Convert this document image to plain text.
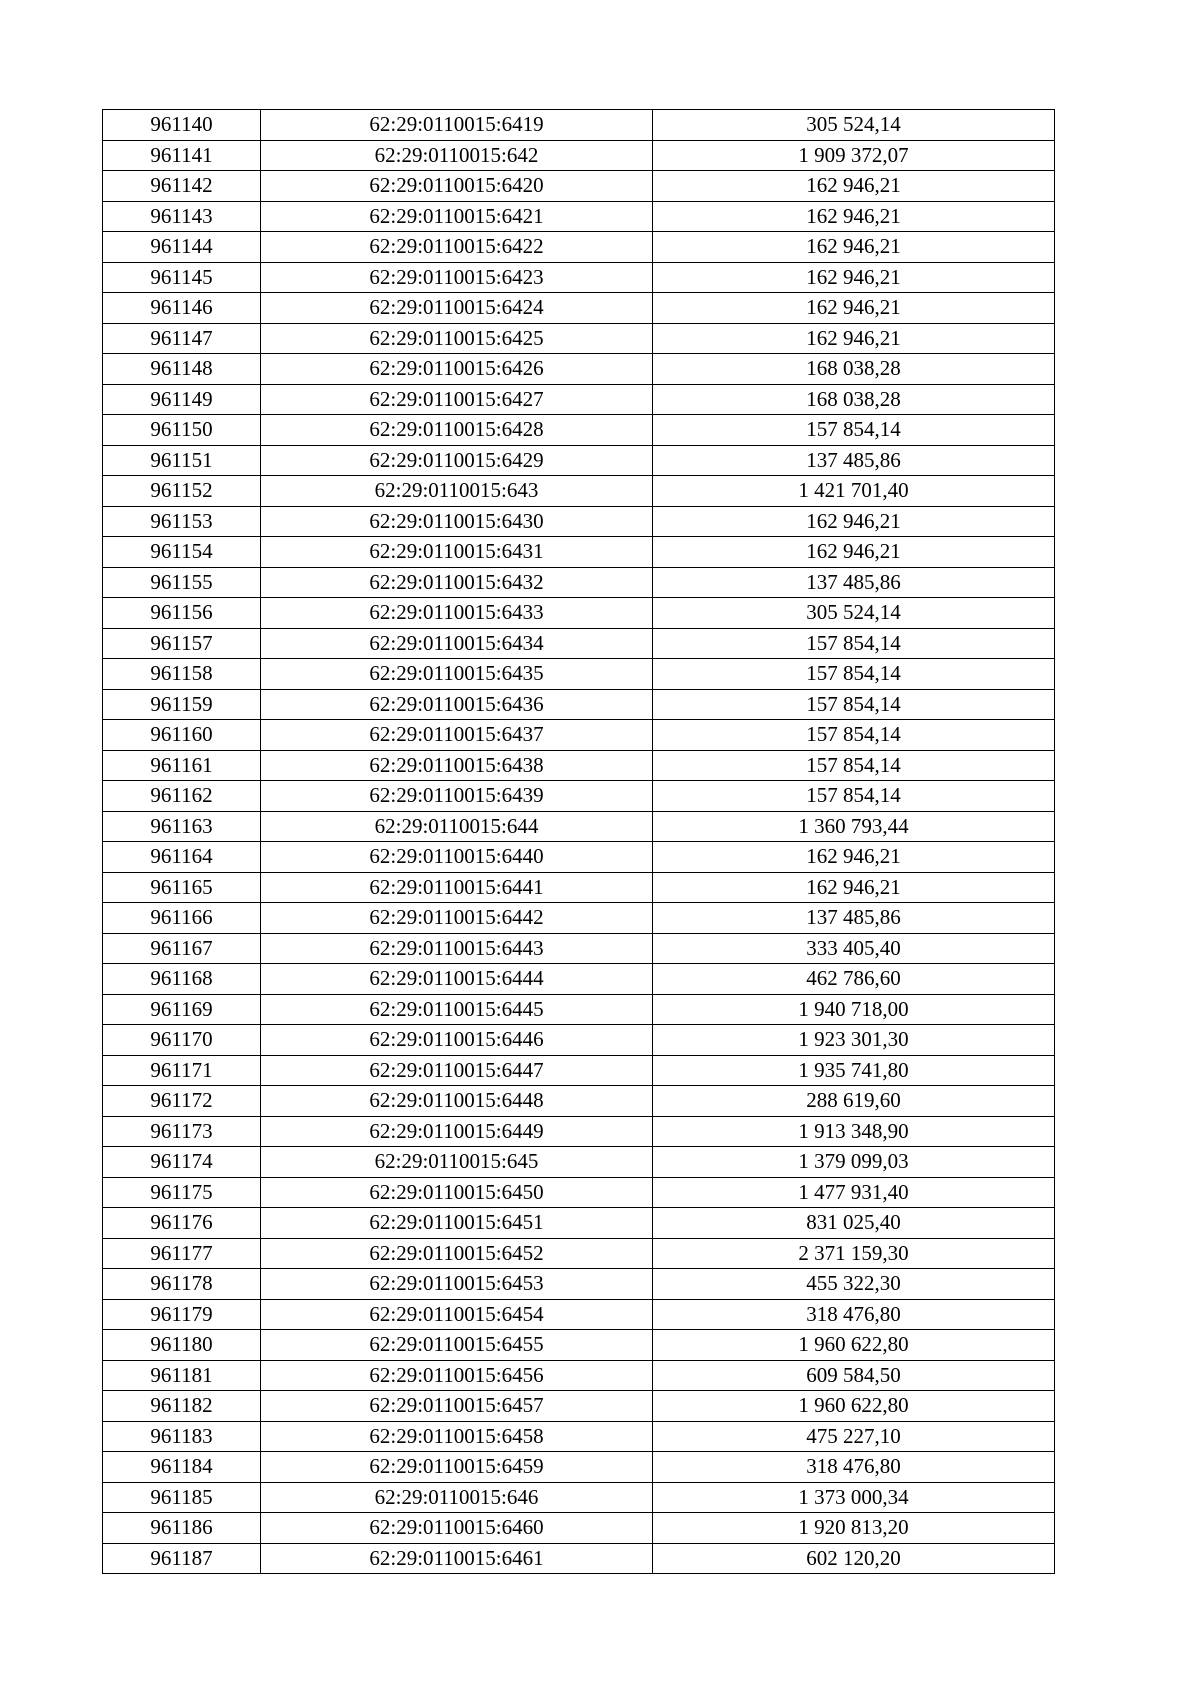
961140	62:29:0110015:6419	305 524,14
961141	62:29:0110015:642	1 909 372,07
961142	62:29:0110015:6420	162 946,21
961143	62:29:0110015:6421	162 946,21
961144	62:29:0110015:6422	162 946,21
961145	62:29:0110015:6423	162 946,21
961146	62:29:0110015:6424	162 946,21
961147	62:29:0110015:6425	162 946,21
961148	62:29:0110015:6426	168 038,28
961149	62:29:0110015:6427	168 038,28
961150	62:29:0110015:6428	157 854,14
961151	62:29:0110015:6429	137 485,86
961152	62:29:0110015:643	1 421 701,40
961153	62:29:0110015:6430	162 946,21
961154	62:29:0110015:6431	162 946,21
961155	62:29:0110015:6432	137 485,86
961156	62:29:0110015:6433	305 524,14
961157	62:29:0110015:6434	157 854,14
961158	62:29:0110015:6435	157 854,14
961159	62:29:0110015:6436	157 854,14
961160	62:29:0110015:6437	157 854,14
961161	62:29:0110015:6438	157 854,14
961162	62:29:0110015:6439	157 854,14
961163	62:29:0110015:644	1 360 793,44
961164	62:29:0110015:6440	162 946,21
961165	62:29:0110015:6441	162 946,21
961166	62:29:0110015:6442	137 485,86
961167	62:29:0110015:6443	333 405,40
961168	62:29:0110015:6444	462 786,60
961169	62:29:0110015:6445	1 940 718,00
961170	62:29:0110015:6446	1 923 301,30
961171	62:29:0110015:6447	1 935 741,80
961172	62:29:0110015:6448	288 619,60
961173	62:29:0110015:6449	1 913 348,90
961174	62:29:0110015:645	1 379 099,03
961175	62:29:0110015:6450	1 477 931,40
961176	62:29:0110015:6451	831 025,40
961177	62:29:0110015:6452	2 371 159,30
961178	62:29:0110015:6453	455 322,30
961179	62:29:0110015:6454	318 476,80
961180	62:29:0110015:6455	1 960 622,80
961181	62:29:0110015:6456	609 584,50
961182	62:29:0110015:6457	1 960 622,80
961183	62:29:0110015:6458	475 227,10
961184	62:29:0110015:6459	318 476,80
961185	62:29:0110015:646	1 373 000,34
961186	62:29:0110015:6460	1 920 813,20
961187	62:29:0110015:6461	602 120,20
